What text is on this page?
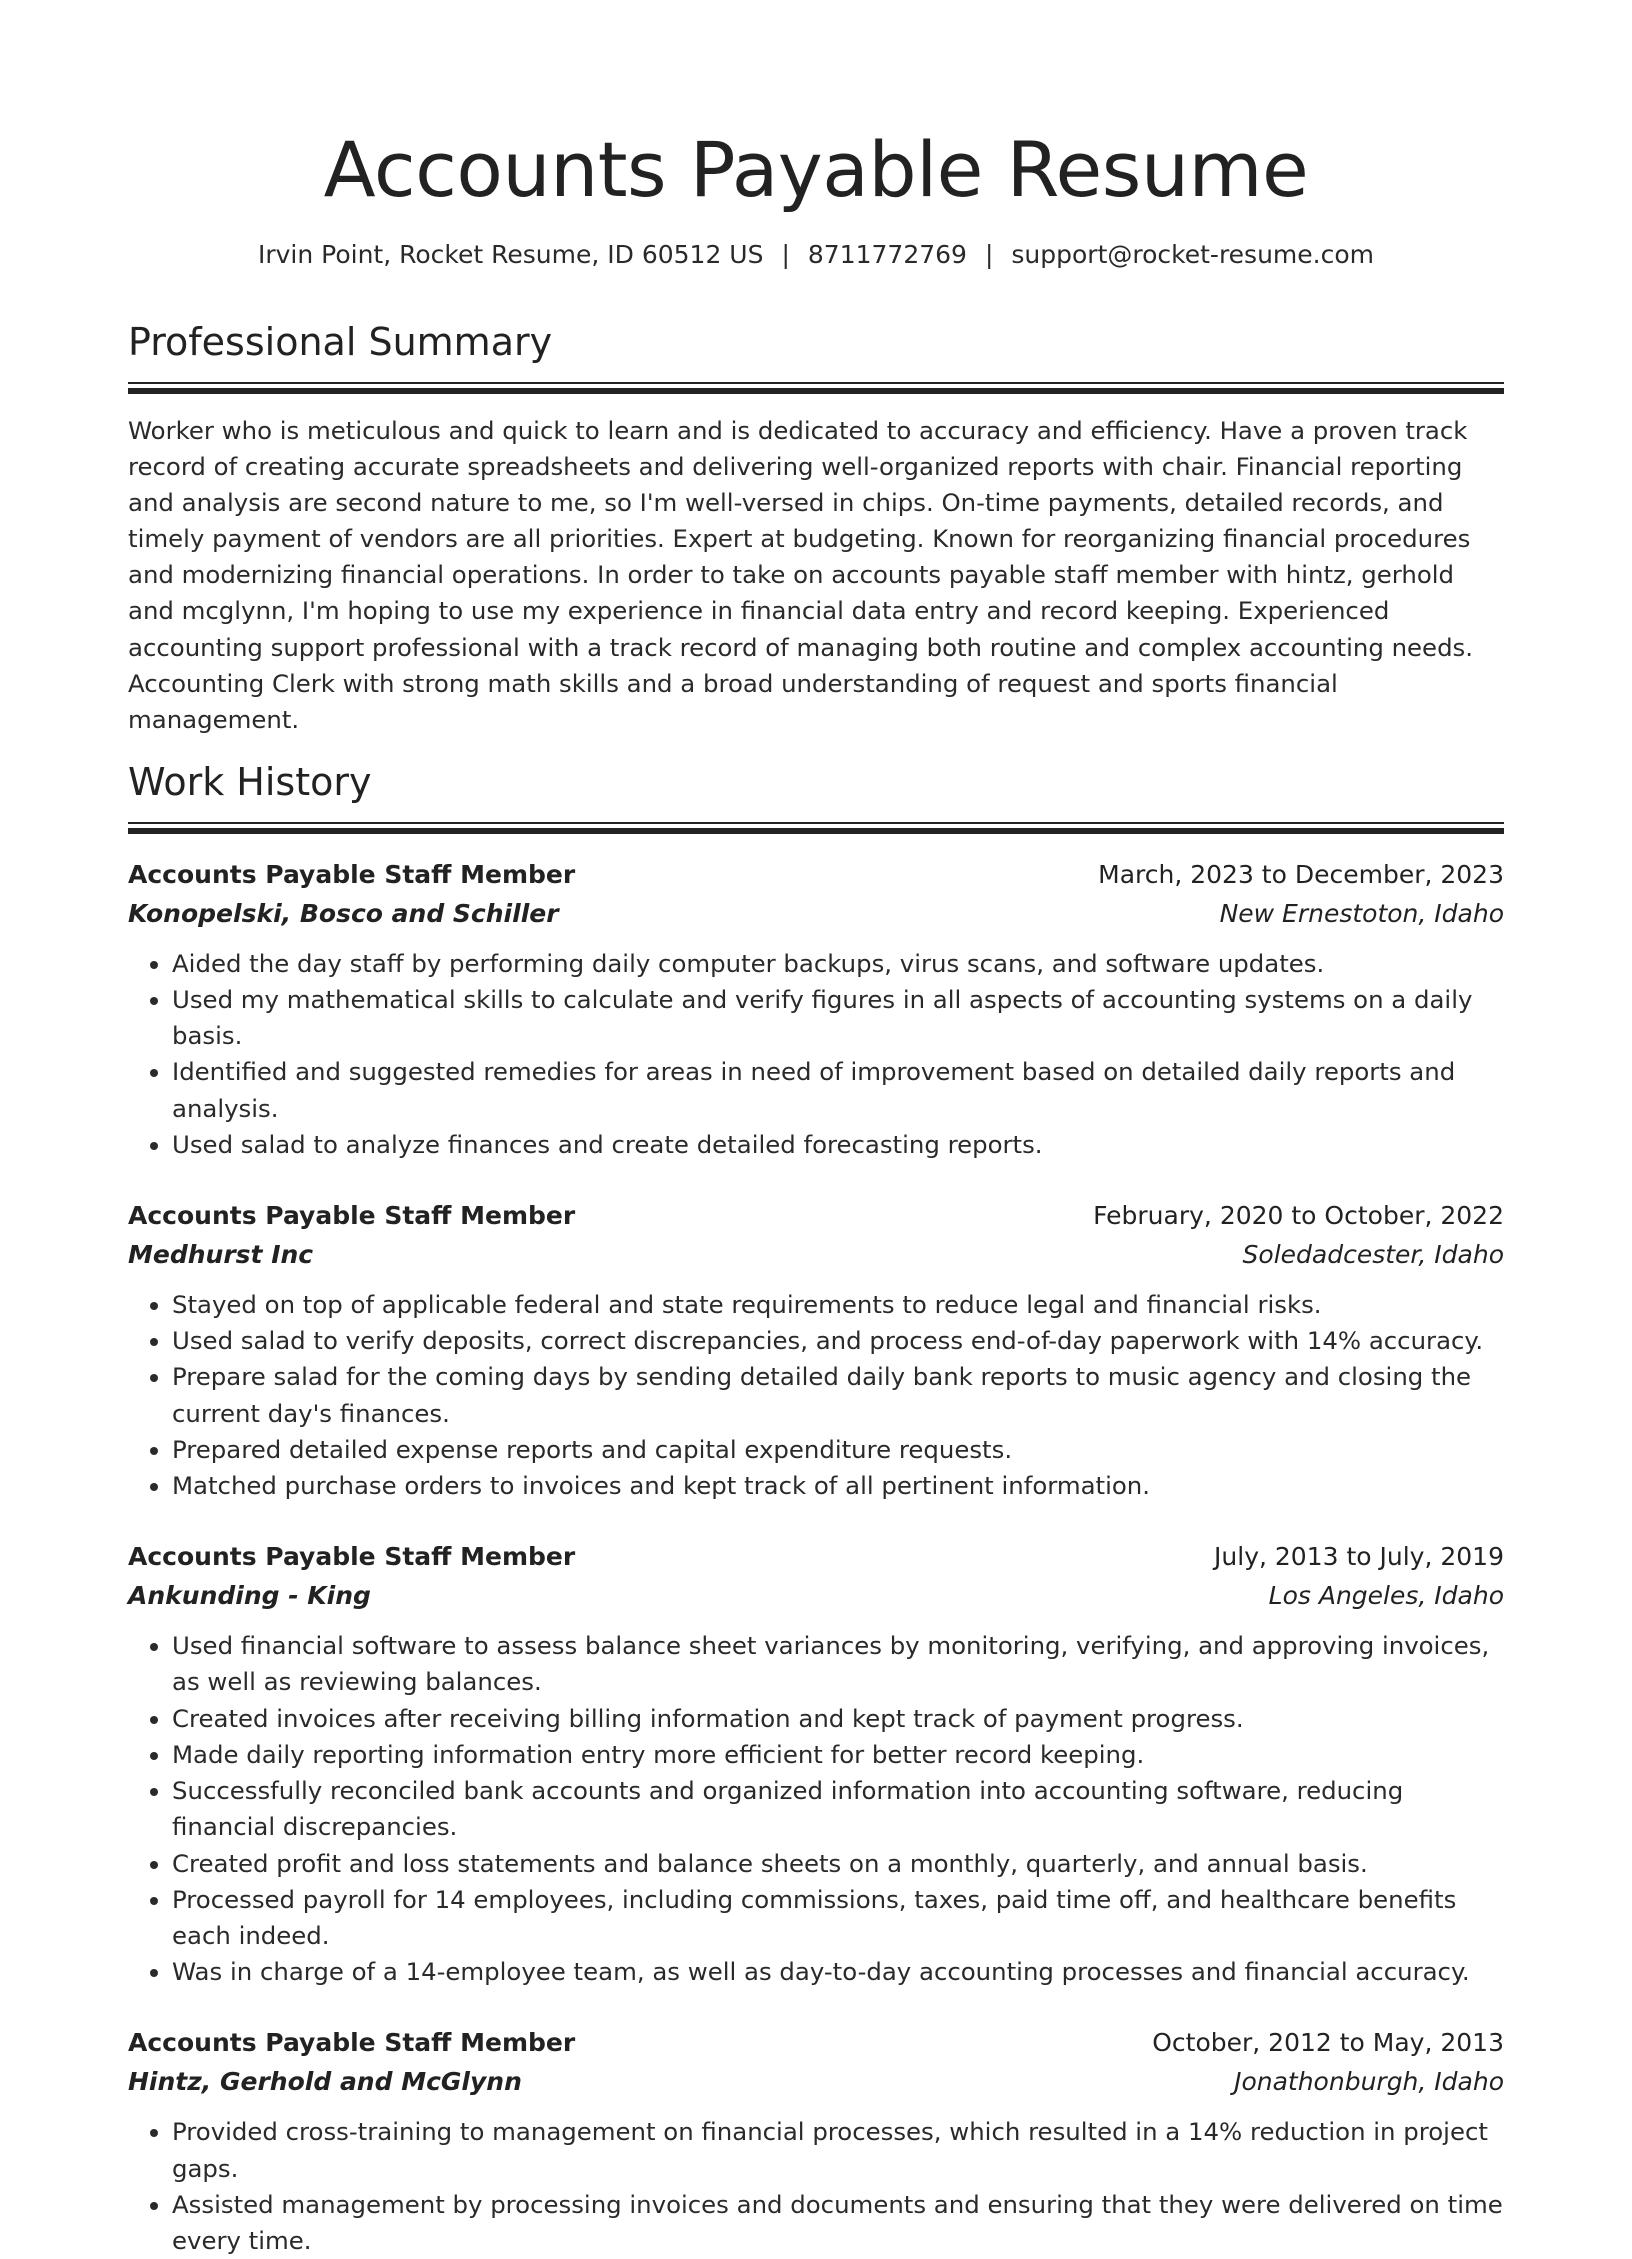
Accounts Payable Resume
Irvin Point, Rocket Resume, ID 60512 US | 8711772769 | support@rocket-resume.com
Professional Summary

Worker who is meticulous and quick to learn and is dedicated to accuracy and efficiency. Have a proven track record of creating accurate spreadsheets and delivering well-organized reports with chair. Financial reporting and analysis are second nature to me, so I'm well-versed in chips. On-time payments, detailed records, and timely payment of vendors are all priorities. Expert at budgeting. Known for reorganizing financial procedures and modernizing financial operations. In order to take on accounts payable staff member with hintz, gerhold and mcglynn, I'm hoping to use my experience in financial data entry and record keeping. Experienced accounting support professional with a track record of managing both routine and complex accounting needs. Accounting Clerk with strong math skills and a broad understanding of request and sports financial management.

Work History
Accounts Payable Staff Member	March, 2023 to December, 2023
Konopelski, Bosco and Schiller	New Ernestoton, Idaho
• Aided the day staff by performing daily computer backups, virus scans, and software updates.
• Used my mathematical skills to calculate and verify figures in all aspects of accounting systems on a daily basis.
• Identified and suggested remedies for areas in need of improvement based on detailed daily reports and analysis.
• Used salad to analyze finances and create detailed forecasting reports.
Accounts Payable Staff Member	February, 2020 to October, 2022
Medhurst Inc	Soledadcester, Idaho
• Stayed on top of applicable federal and state requirements to reduce legal and financial risks.
• Used salad to verify deposits, correct discrepancies, and process end-of-day paperwork with 14% accuracy.
• Prepare salad for the coming days by sending detailed daily bank reports to music agency and closing the current day's finances.
• Prepared detailed expense reports and capital expenditure requests.
• Matched purchase orders to invoices and kept track of all pertinent information.
Accounts Payable Staff Member	July, 2013 to July, 2019
Ankunding - King	Los Angeles, Idaho
• Used financial software to assess balance sheet variances by monitoring, verifying, and approving invoices, as well as reviewing balances.
• Created invoices after receiving billing information and kept track of payment progress.
• Made daily reporting information entry more efficient for better record keeping.
• Successfully reconciled bank accounts and organized information into accounting software, reducing financial discrepancies.
• Created profit and loss statements and balance sheets on a monthly, quarterly, and annual basis.
• Processed payroll for 14 employees, including commissions, taxes, paid time off, and healthcare benefits each indeed.
• Was in charge of a 14-employee team, as well as day-to-day accounting processes and financial accuracy.
Accounts Payable Staff Member	October, 2012 to May, 2013
Hintz, Gerhold and McGlynn	Jonathonburgh, Idaho
• Provided cross-training to management on financial processes, which resulted in a 14% reduction in project gaps.
• Assisted management by processing invoices and documents and ensuring that they were delivered on time every time.
